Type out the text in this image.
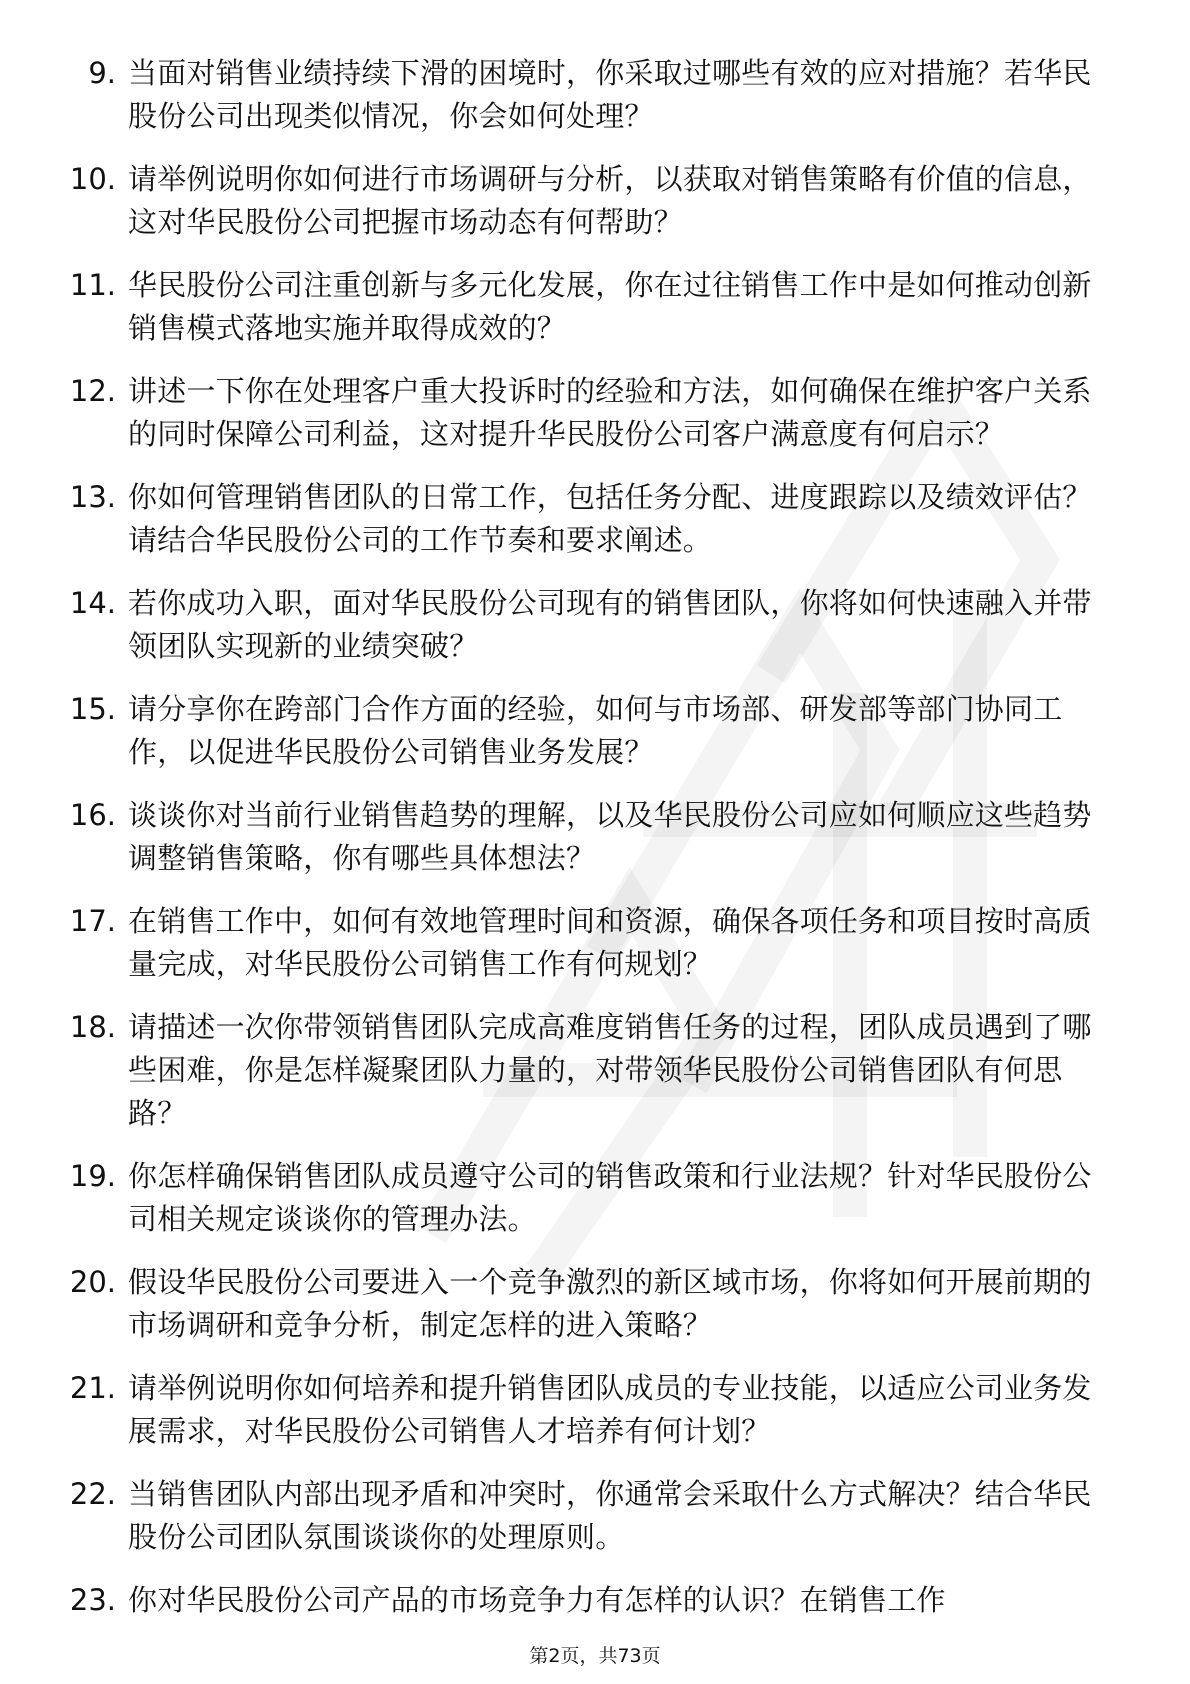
9. 当面对销售业绩持续下滑的困境时，你采取过哪些有效的应对措施？若华民股份公司出现类似情况，你会如何处理？
10. 请举例说明你如何进行市场调研与分析，以获取对销售策略有价值的信息，这对华民股份公司把握市场动态有何帮助？
11. 华民股份公司注重创新与多元化发展，你在过往销售工作中是如何推动创新销售模式落地实施并取得成效的？
12. 讲述一下你在处理客户重大投诉时的经验和方法，如何确保在维护客户关系的同时保障公司利益，这对提升华民股份公司客户满意度有何启示？
13. 你如何管理销售团队的日常工作，包括任务分配、进度跟踪以及绩效评估？请结合华民股份公司的工作节奏和要求阐述。
14. 若你成功入职，面对华民股份公司现有的销售团队，你将如何快速融入并带领团队实现新的业绩突破？
15. 请分享你在跨部门合作方面的经验，如何与市场部、研发部等部门协同工作，以促进华民股份公司销售业务发展？
16. 谈谈你对当前行业销售趋势的理解，以及华民股份公司应如何顺应这些趋势调整销售策略，你有哪些具体想法？
17. 在销售工作中，如何有效地管理时间和资源，确保各项任务和项目按时高质量完成，对华民股份公司销售工作有何规划？
18. 请描述一次你带领销售团队完成高难度销售任务的过程，团队成员遇到了哪些困难，你是怎样凝聚团队力量的，对带领华民股份公司销售团队有何思路？
19. 你怎样确保销售团队成员遵守公司的销售政策和行业法规？针对华民股份公司相关规定谈谈你的管理办法。
20. 假设华民股份公司要进入一个竞争激烈的新区域市场，你将如何开展前期的市场调研和竞争分析，制定怎样的进入策略？
21. 请举例说明你如何培养和提升销售团队成员的专业技能，以适应公司业务发展需求，对华民股份公司销售人才培养有何计划？
22. 当销售团队内部出现矛盾和冲突时，你通常会采取什么方式解决？结合华民股份公司团队氛围谈谈你的处理原则。
23. 你对华民股份公司产品的市场竞争力有怎样的认识？在销售工作
第2页，共73页
